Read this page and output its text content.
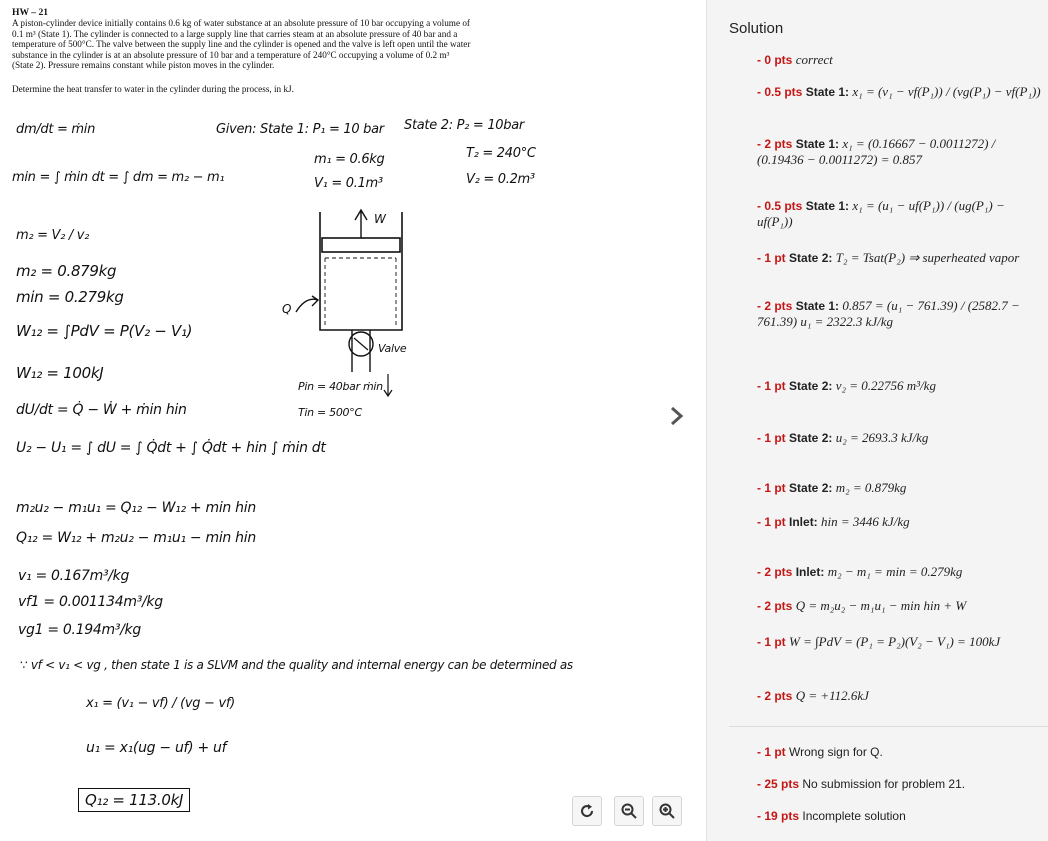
HW – 21
A piston-cylinder device initially contains 0.6 kg of water substance at an absolute pressure of 10 bar occupying a volume of 0.1 m³ (State 1). The cylinder is connected to a large supply line that carries steam at an absolute pressure of 40 bar and a temperature of 500°C. The valve between the supply line and the cylinder is opened and the valve is left open until the water substance in the cylinder is at an absolute pressure of 10 bar and a temperature of 240°C occupying a volume of 0.2 m³ (State 2). Pressure remains constant while piston moves in the cylinder.
Determine the heat transfer to water in the cylinder during the process, in kJ.
dm/dt = ṁin
min = ∫ ṁin dt = ∫ dm = m₂ − m₁
m₂ = V₂ / v₂
m₂ = 0.879kg
min = 0.279kg
W₁₂ = ∫PdV = P(V₂ − V₁)
W₁₂ = 100kJ
dU/dt = Q̇ − Ẇ + ṁin hin
U₂ − U₁ = ∫ dU = ∫ Q̇dt + ∫ Q̇dt + hin ∫ ṁin dt
m₂u₂ − m₁u₁ = Q₁₂ − W₁₂ + min hin
Q₁₂ = W₁₂ + m₂u₂ − m₁u₁ − min hin
v₁ = 0.167m³/kg
vf1 = 0.001134m³/kg
vg1 = 0.194m³/kg
∵ vf < v₁ < vg , then state 1 is a SLVM and the quality and internal energy can be determined as
x₁ = (v₁ − vf) / (vg − vf)
u₁ = x₁(ug − uf) + uf
Q₁₂ = 113.0kJ
Given: State 1: P₁ = 10 bar
m₁ = 0.6kg
V₁ = 0.1m³
State 2: P₂ = 10bar
T₂ = 240°C
V₂ = 0.2m³
W
Q
Valve
Pin = 40bar ṁin
Tin = 500°C
Solution
- 0 pts correct
- 0.5 pts State 1: x₁ = (v₁ − vf(P₁)) / (vg(P₁) − vf(P₁))
- 2 pts State 1: x₁ = (0.16667 − 0.0011272) / (0.19436 − 0.0011272) = 0.857
- 0.5 pts State 1: x₁ = (u₁ − uf(P₁)) / (ug(P₁) − uf(P₁))
- 1 pt State 2: T₂ = Tsat(P₂) ⇒ superheated vapor
- 2 pts State 1: 0.857 = (u₁ − 761.39) / (2582.7 − 761.39) u₁ = 2322.3 kJ/kg
- 1 pt State 2: v₂ = 0.22756 m³/kg
- 1 pt State 2: u₂ = 2693.3 kJ/kg
- 1 pt State 2: m₂ = 0.879kg
- 1 pt Inlet: hin = 3446 kJ/kg
- 2 pts Inlet: m₂ − m₁ = min = 0.279kg
- 2 pts Q = m₂u₂ − m₁u₁ − min hin + W
- 1 pt W = ∫PdV = (P₁ = P₂)(V₂ − V₁) = 100kJ
- 2 pts Q = +112.6kJ
- 1 pt Wrong sign for Q.
- 25 pts No submission for problem 21.
- 19 pts Incomplete solution
